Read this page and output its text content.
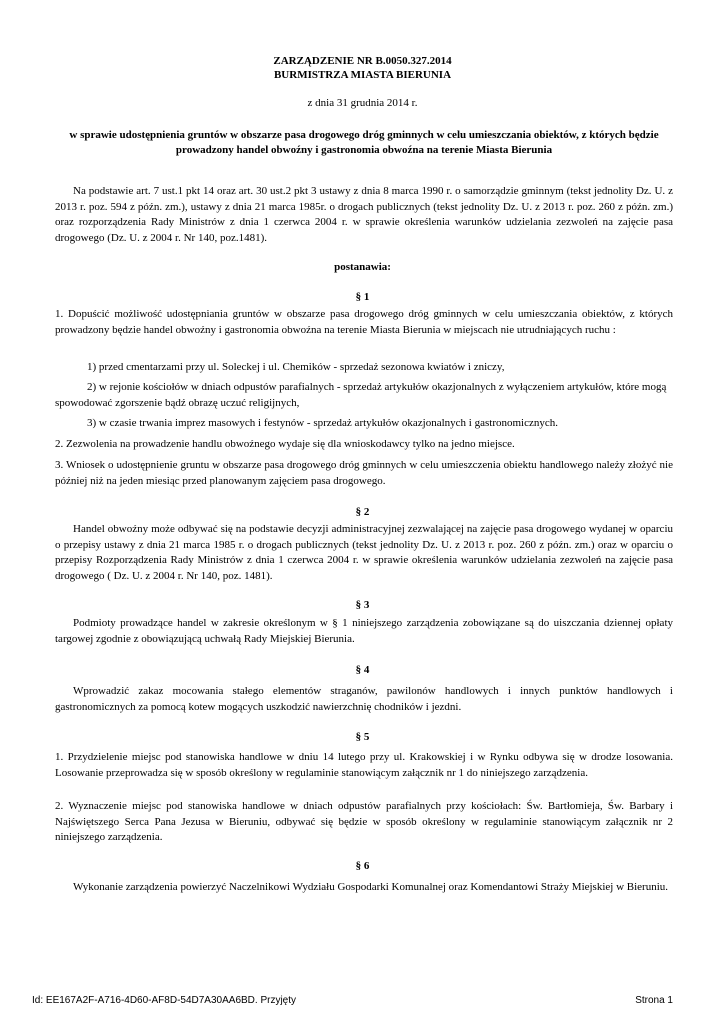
ZARZĄDZENIE NR B.0050.327.2014
BURMISTRZA MIASTA BIERUNIA
z dnia 31 grudnia 2014 r.
w sprawie udostępnienia gruntów w obszarze pasa drogowego dróg gminnych w celu umieszczania obiektów, z których będzie prowadzony handel obwoźny i gastronomia obwoźna na terenie Miasta Bierunia
Na podstawie art. 7 ust.1 pkt 14 oraz art. 30 ust.2 pkt 3 ustawy z dnia 8 marca 1990 r. o samorządzie gminnym (tekst jednolity Dz. U. z 2013 r. poz. 594 z późn. zm.), ustawy z dnia 21 marca 1985r. o drogach publicznych (tekst jednolity Dz. U. z 2013 r. poz. 260 z późn. zm.) oraz rozporządzenia Rady Ministrów z dnia 1 czerwca 2004 r. w sprawie określenia warunków udzielania zezwoleń na zajęcie pasa drogowego (Dz. U. z 2004 r. Nr 140, poz.1481).
postanawia:
§ 1
1. Dopuścić możliwość udostępniania gruntów w obszarze pasa drogowego dróg gminnych w celu umieszczania obiektów, z których prowadzony będzie handel obwoźny i gastronomia obwoźna na terenie Miasta Bierunia w miejscach nie utrudniających ruchu :
1) przed cmentarzami przy ul. Soleckej i ul. Chemików - sprzedaż sezonowa kwiatów i zniczy,
2) w rejonie kościołów w dniach odpustów parafialnych - sprzedaż artykułów okazjonalnych z wyłączeniem artykułów, które mogą spowodować zgorszenie bądź obrazę uczuć religijnych,
3) w czasie trwania imprez masowych i festynów - sprzedaż artykułów okazjonalnych i gastronomicznych.
2. Zezwolenia na prowadzenie handlu obwoźnego wydaje się dla wnioskodawcy tylko na jedno miejsce.
3. Wniosek o udostępnienie gruntu w obszarze pasa drogowego dróg gminnych w celu umieszczenia obiektu handlowego należy złożyć nie później niż na jeden miesiąc przed planowanym zajęciem pasa drogowego.
§ 2
Handel obwoźny może odbywać się na podstawie decyzji administracyjnej zezwalającej na zajęcie pasa drogowego wydanej w oparciu o przepisy ustawy z dnia 21 marca 1985 r. o drogach publicznych (tekst jednolity Dz. U. z 2013 r. poz. 260 z późn. zm.) oraz w oparciu o przepisy Rozporządzenia Rady Ministrów z dnia 1 czerwca 2004 r. w sprawie określenia warunków udzielania zezwoleń na zajęcie pasa drogowego ( Dz. U. z 2004 r. Nr 140, poz. 1481).
§ 3
Podmioty prowadzące handel w zakresie określonym w § 1 niniejszego zarządzenia zobowiązane są do uiszczania dziennej opłaty targowej zgodnie z obowiązującą uchwałą Rady Miejskiej Bierunia.
§ 4
Wprowadzić zakaz mocowania stałego elementów straganów, pawilonów handlowych i innych punktów handlowych i gastronomicznych za pomocą kotew mogących uszkodzić nawierzchnię chodników i jezdni.
§ 5
1. Przydzielenie miejsc pod stanowiska handlowe w dniu 14 lutego przy ul. Krakowskiej i w Rynku odbywa się w drodze losowania. Losowanie przeprowadza się w sposób określony w regulaminie stanowiącym załącznik nr 1 do niniejszego zarządzenia.
2. Wyznaczenie miejsc pod stanowiska handlowe w dniach odpustów parafialnych przy kościołach: Św. Bartłomieja, Św. Barbary i Najświętszego Serca Pana Jezusa w Bieruniu, odbywać się będzie w sposób określony w regulaminie stanowiącym załącznik nr 2 niniejszego zarządzenia.
§ 6
Wykonanie zarządzenia powierzyć Naczelnikowi Wydziału Gospodarki Komunalnej oraz Komendantowi Straży Miejskiej w Bieruniu.
Id: EE167A2F-A716-4D60-AF8D-54D7A30AA6BD. Przyjęty	Strona 1
